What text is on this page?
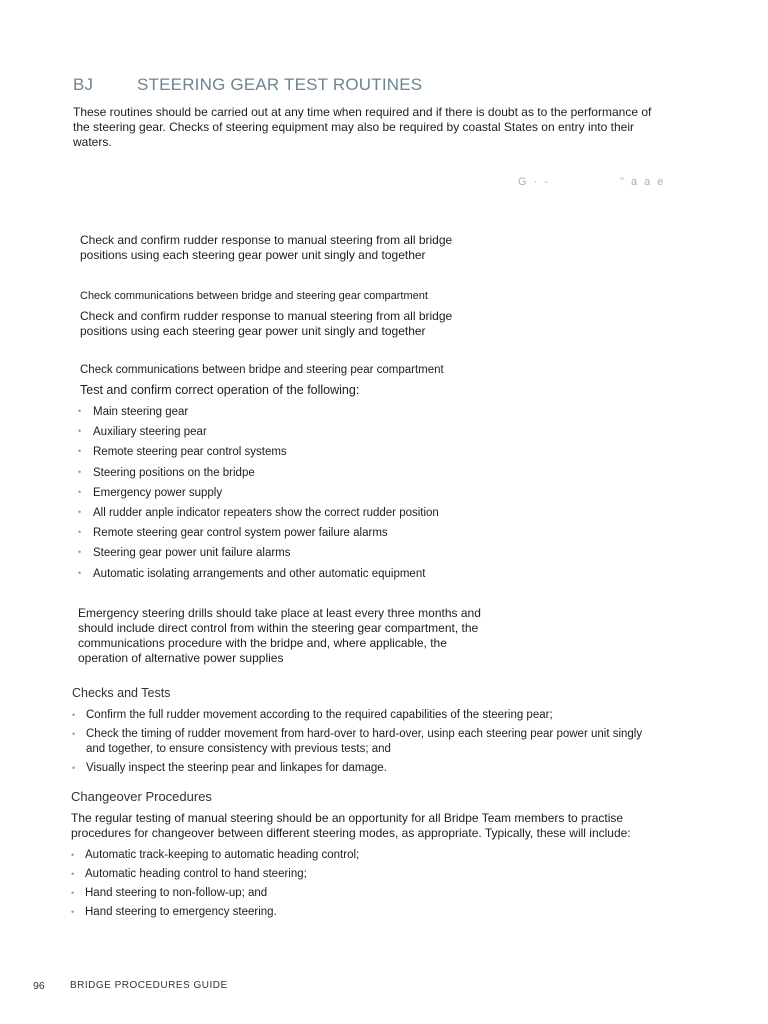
BJ	STEERING GEAR TEST ROUTINES
These routines should be carried out at any time when required and if there is doubt as to the performance of the steering gear. Checks of steering equipment may also be required by coastal States on entry into their waters.
G · -	" a a e
Check and confirm rudder response to manual steering from all bridge positions using each steering gear power unit singly and together
Check communications between bridge and steering gear compartment
Check and confirm rudder response to manual steering from all bridge positions using each steering gear power unit singly and together
Check communications between bridpe and steering pear compartment
Test and confirm correct operation of the following:
• Main steering gear
• Auxiliary steering pear
• Remote steering pear control systems
• Steering positions on the bridpe
• Emergency power supply
• All rudder anple indicator repeaters show the correct rudder position
• Remote steering gear control system power failure alarms
• Steering gear power unit failure alarms
• Automatic isolating arrangements and other automatic equipment
Emergency steering drills should take place at least every three months and should include direct control from within the steering gear compartment, the communications procedure with the bridpe and, where applicable, the operation of alternative power supplies
Checks and Tests
• Confirm the full rudder movement according to the required capabilities of the steering pear;
• Check the timing of rudder movement from hard-over to hard-over, usinp each steering pear power unit singly and together, to ensure consistency with previous tests; and
• Visually inspect the steerinp pear and linkapes for damage.
Changeover Procedures
The regular testing of manual steering should be an opportunity for all Bridpe Team members to practise procedures for changeover between different steering modes, as appropriate. Typically, these will include:
• Automatic track-keeping to automatic heading control;
• Automatic heading control to hand steering;
• Hand steering to non-follow-up; and
• Hand steering to emergency steering.
96	BRIDGE PROCEDURES GUIDE
